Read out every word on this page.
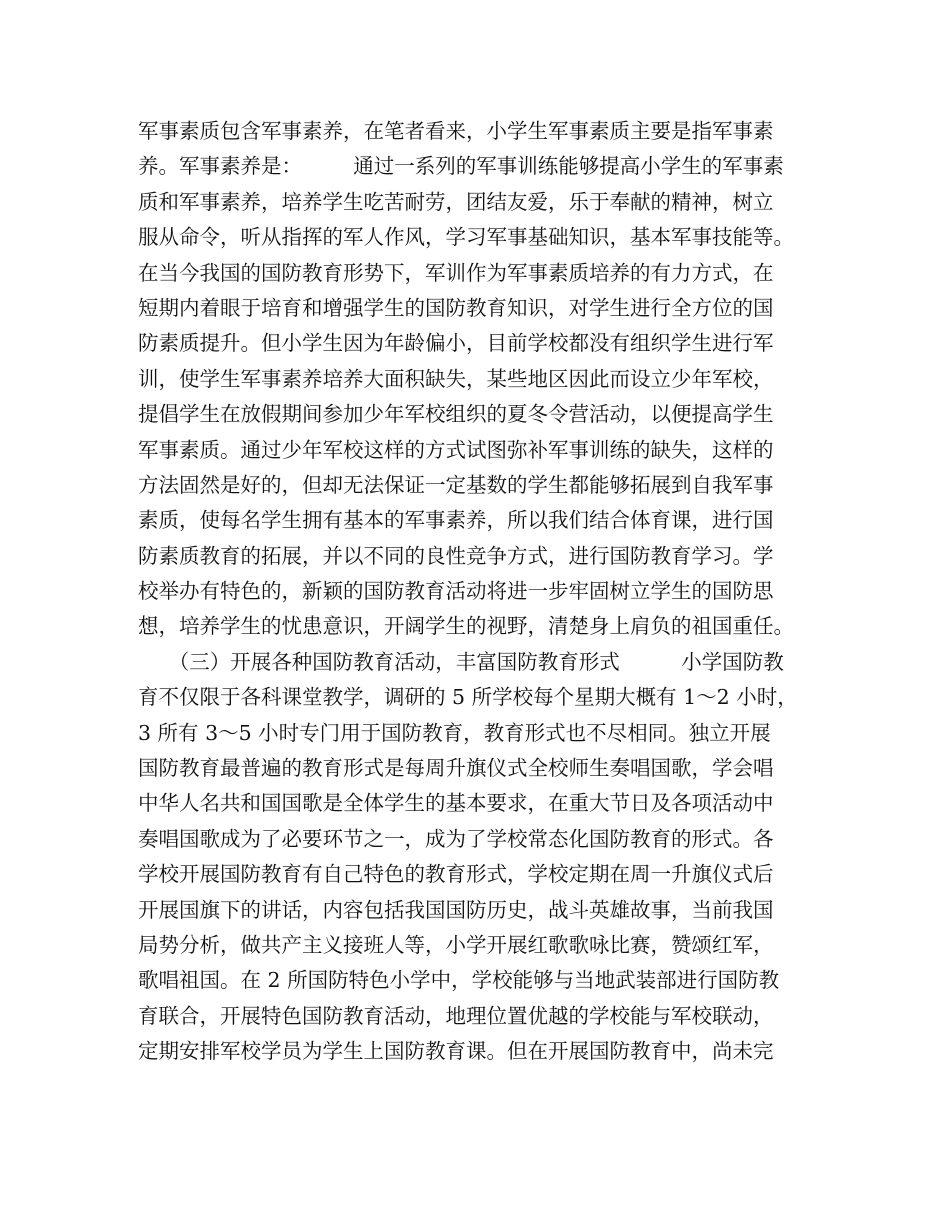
军事素质包含军事素养，在笔者看来，小学生军事素质主要是指军事素
养。军事素养是：　　　通过一系列的军事训练能够提高小学生的军事素
质和军事素养，培养学生吃苦耐劳，团结友爱，乐于奉献的精神，树立
服从命令，听从指挥的军人作风，学习军事基础知识，基本军事技能等。
在当今我国的国防教育形势下，军训作为军事素质培养的有力方式，在
短期内着眼于培育和增强学生的国防教育知识，对学生进行全方位的国
防素质提升。但小学生因为年龄偏小，目前学校都没有组织学生进行军
训，使学生军事素养培养大面积缺失，某些地区因此而设立少年军校，
提倡学生在放假期间参加少年军校组织的夏冬令营活动，以便提高学生
军事素质。通过少年军校这样的方式试图弥补军事训练的缺失，这样的
方法固然是好的，但却无法保证一定基数的学生都能够拓展到自我军事
素质，使每名学生拥有基本的军事素养，所以我们结合体育课，进行国
防素质教育的拓展，并以不同的良性竞争方式，进行国防教育学习。学
校举办有特色的，新颖的国防教育活动将进一步牢固树立学生的国防思
想，培养学生的忧患意识，开阔学生的视野，清楚身上肩负的祖国重任。
　　（三）开展各种国防教育活动，丰富国防教育形式　　　小学国防教
育不仅限于各科课堂教学，调研的 5 所学校每个星期大概有 1～2 小时，
3 所有 3～5 小时专门用于国防教育，教育形式也不尽相同。独立开展
国防教育最普遍的教育形式是每周升旗仪式全校师生奏唱国歌，学会唱
中华人名共和国国歌是全体学生的基本要求，在重大节日及各项活动中
奏唱国歌成为了必要环节之一，成为了学校常态化国防教育的形式。各
学校开展国防教育有自己特色的教育形式，学校定期在周一升旗仪式后
开展国旗下的讲话，内容包括我国国防历史，战斗英雄故事，当前我国
局势分析，做共产主义接班人等，小学开展红歌歌咏比赛，赞颂红军，
歌唱祖国。在 2 所国防特色小学中，学校能够与当地武装部进行国防教
育联合，开展特色国防教育活动，地理位置优越的学校能与军校联动，
定期安排军校学员为学生上国防教育课。但在开展国防教育中，尚未完
